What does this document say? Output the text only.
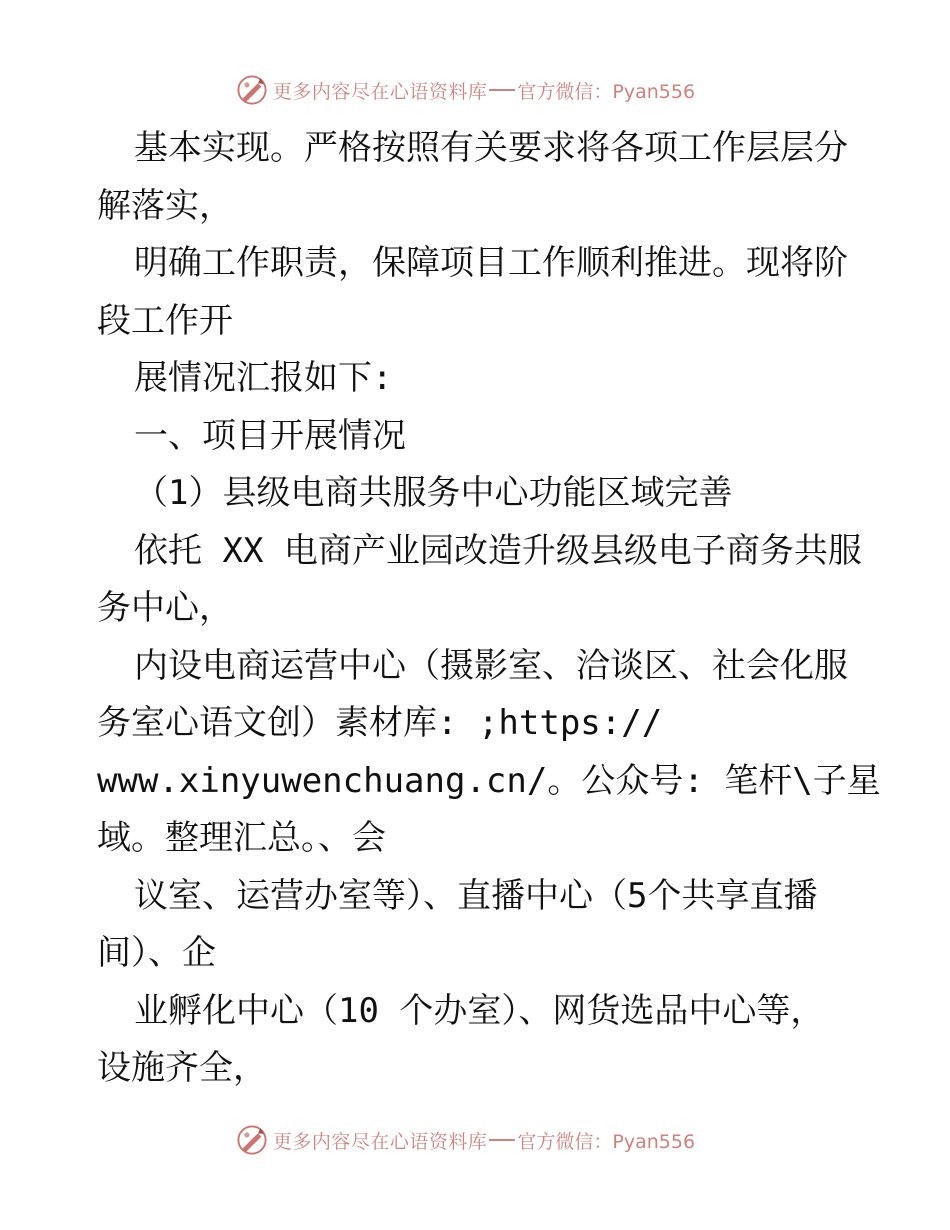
更多内容尽在心语资料库 官方微信：Pyan556
基本实现。严格按照有关要求将各项工作层层分
解落实，
明确工作职责，保障项目工作顺利推进。现将阶
段工作开
展情况汇报如下:
一、项目开展情况
（1）县级电商共服务中心功能区域完善
依托 XX 电商产业园改造升级县级电子商务共服
务中心，
内设电商运营中心（摄影室、洽谈区、社会化服
务室心语文创）素材库: ;https://
www.xinyuwenchuang.cn/。公众号: 笔杆\子星
域。整理汇总。、会
议室、运营办室等）、直播中心（5个共享直播
间）、企
业孵化中心（10 个办室）、网货选品中心等，
设施齐全，
更多内容尽在心语资料库 官方微信：Pyan556
